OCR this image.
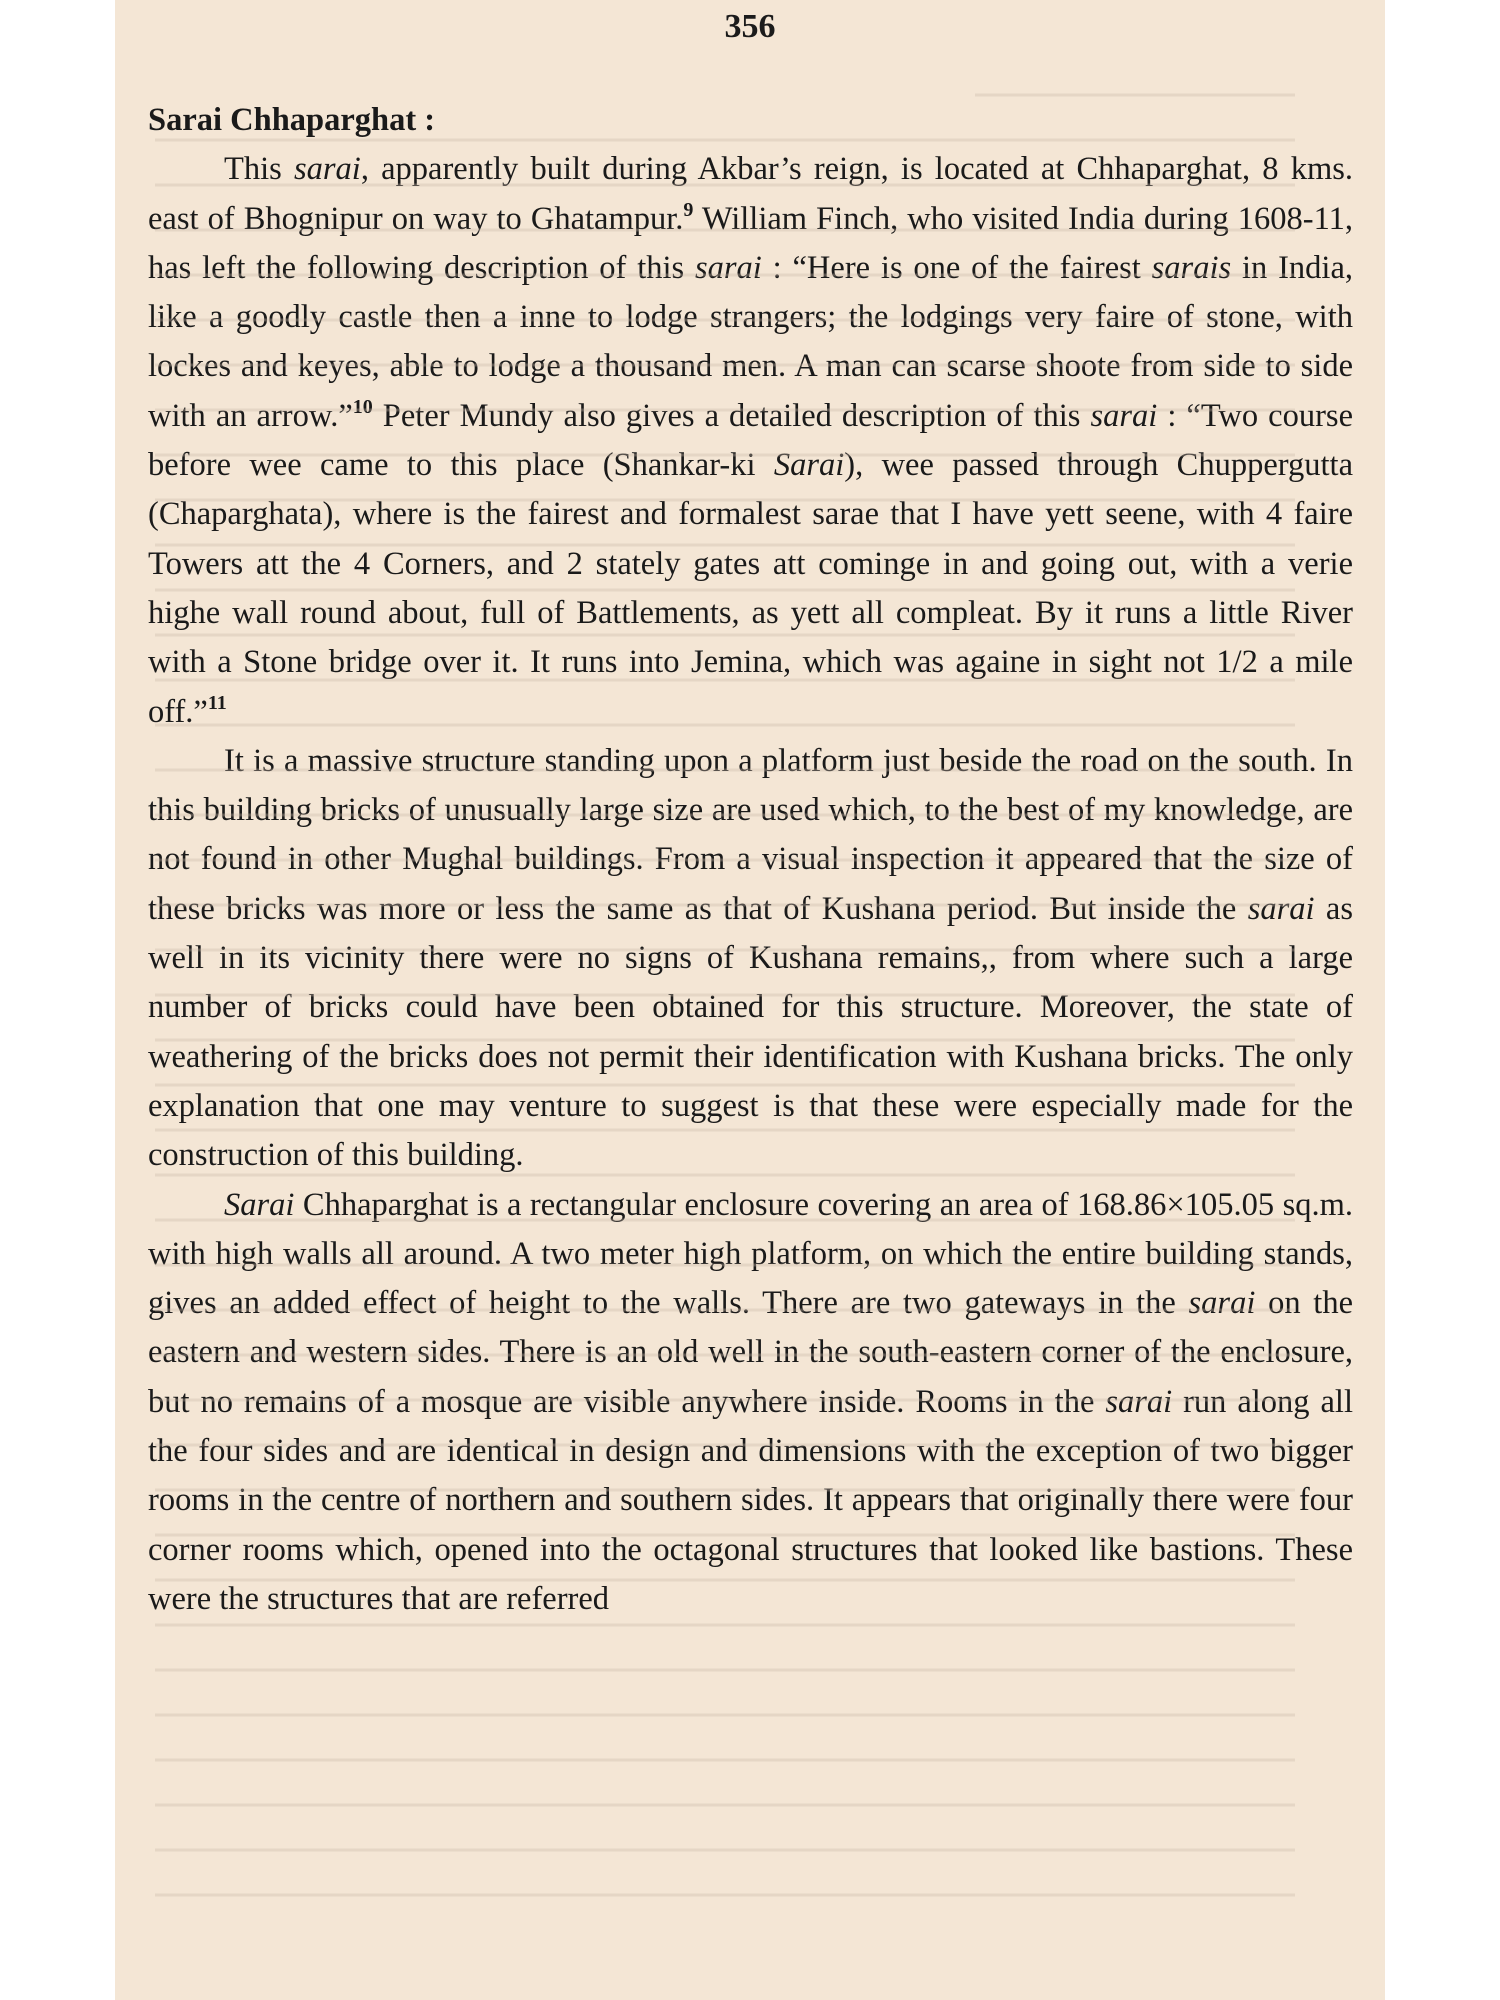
356
Sarai Chhaparghat :

This sarai, apparently built during Akbar’s reign, is located at Chhaparghat, 8 kms. east of Bhognipur on way to Ghatampur.$^9$ William Finch, who visited India during 1608-11, has left the following description of this sarai : “Here is one of the fairest sarais in India, like a goodly castle then a inne to lodge strangers; the lodgings very faire of stone, with lockes and keyes, able to lodge a thousand men. A man can scarse shoote from side to side with an arrow.”$^{10}$ Peter Mundy also gives a detailed description of this sarai : “Two course before wee came to this place (Shankar-ki Sarai), wee passed through Chuppergutta (Chaparghata), where is the fairest and formalest sarae that I have yett seene, with 4 faire Towers att the 4 Corners, and 2 stately gates att cominge in and going out, with a verie highe wall round about, full of Battlements, as yett all compleat. By it runs a little River with a Stone bridge over it. It runs into Jemina, which was againe in sight not 1/2 a mile off.”$^{11}$

It is a massive structure standing upon a platform just beside the road on the south. In this building bricks of unusually large size are used which, to the best of my knowledge, are not found in other Mughal buildings. From a visual inspection it appeared that the size of these bricks was more or less the same as that of Kushana period. But inside the sarai as well in its vicinity there were no signs of Kushana remains,, from where such a large number of bricks could have been obtained for this structure. Moreover, the state of weathering of the bricks does not permit their identification with Kushana bricks. The only explanation that one may venture to suggest is that these were especially made for the construction of this building.

Sarai Chhaparghat is a rectangular enclosure covering an area of 168.86×105.05 sq.m. with high walls all around. A two meter high platform, on which the entire building stands, gives an added effect of height to the walls. There are two gateways in the sarai on the eastern and western sides. There is an old well in the south-eastern corner of the enclosure, but no remains of a mosque are visible anywhere inside. Rooms in the sarai run along all the four sides and are identical in design and dimensions with the exception of two bigger rooms in the centre of northern and southern sides. It appears that originally there were four corner rooms which, opened into the octagonal structures that looked like bastions. These were the structures that are referred
